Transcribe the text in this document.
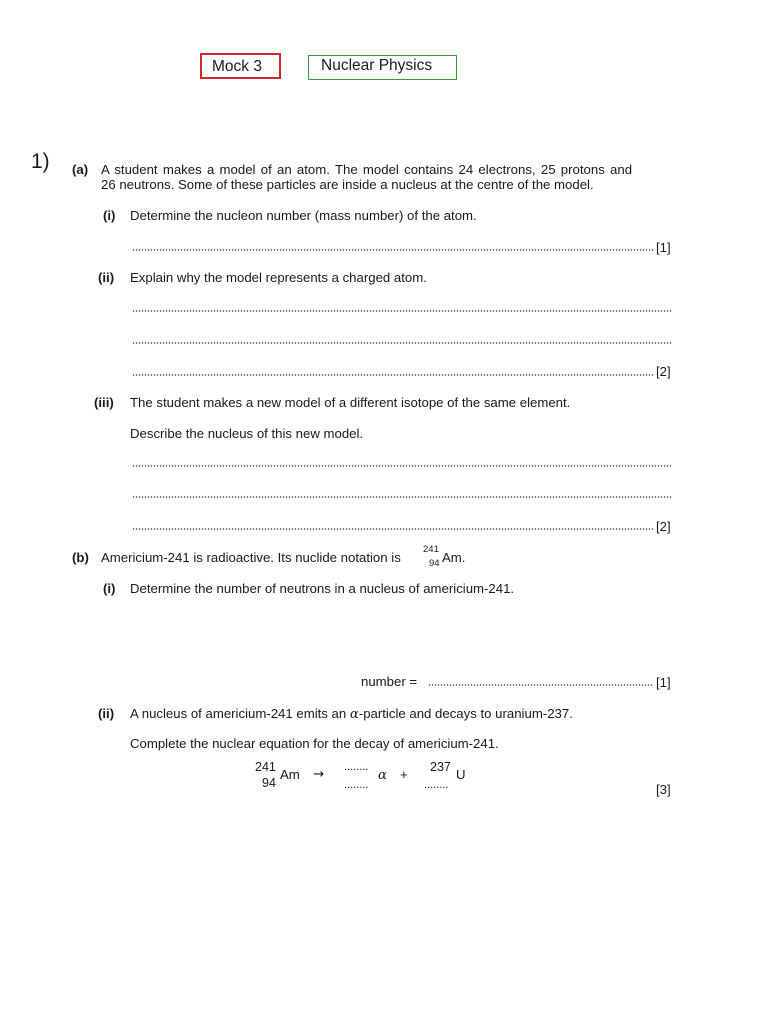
Mock 3	Nuclear Physics
1) (a) A student makes a model of an atom. The model contains 24 electrons, 25 protons and
26 neutrons. Some of these particles are inside a nucleus at the centre of the model.
(i) Determine the nucleon number (mass number) of the atom.
[1]
(ii) Explain why the model represents a charged atom.
[2]
(iii) The student makes a new model of a different isotope of the same element.
Describe the nucleus of this new model.
[2]
(b) Americium-241 is radioactive. Its nuclide notation is
241
94 Am.
(i) Determine the number of neutrons in a nucleus of americium-241.
number =	[1]
(ii) A nucleus of americium-241 emits an α-particle and decays to uranium-237.
Complete the nuclear equation for the decay of americium-241.
241
94
Am → ........
........
α + 237
........
U
[3]
